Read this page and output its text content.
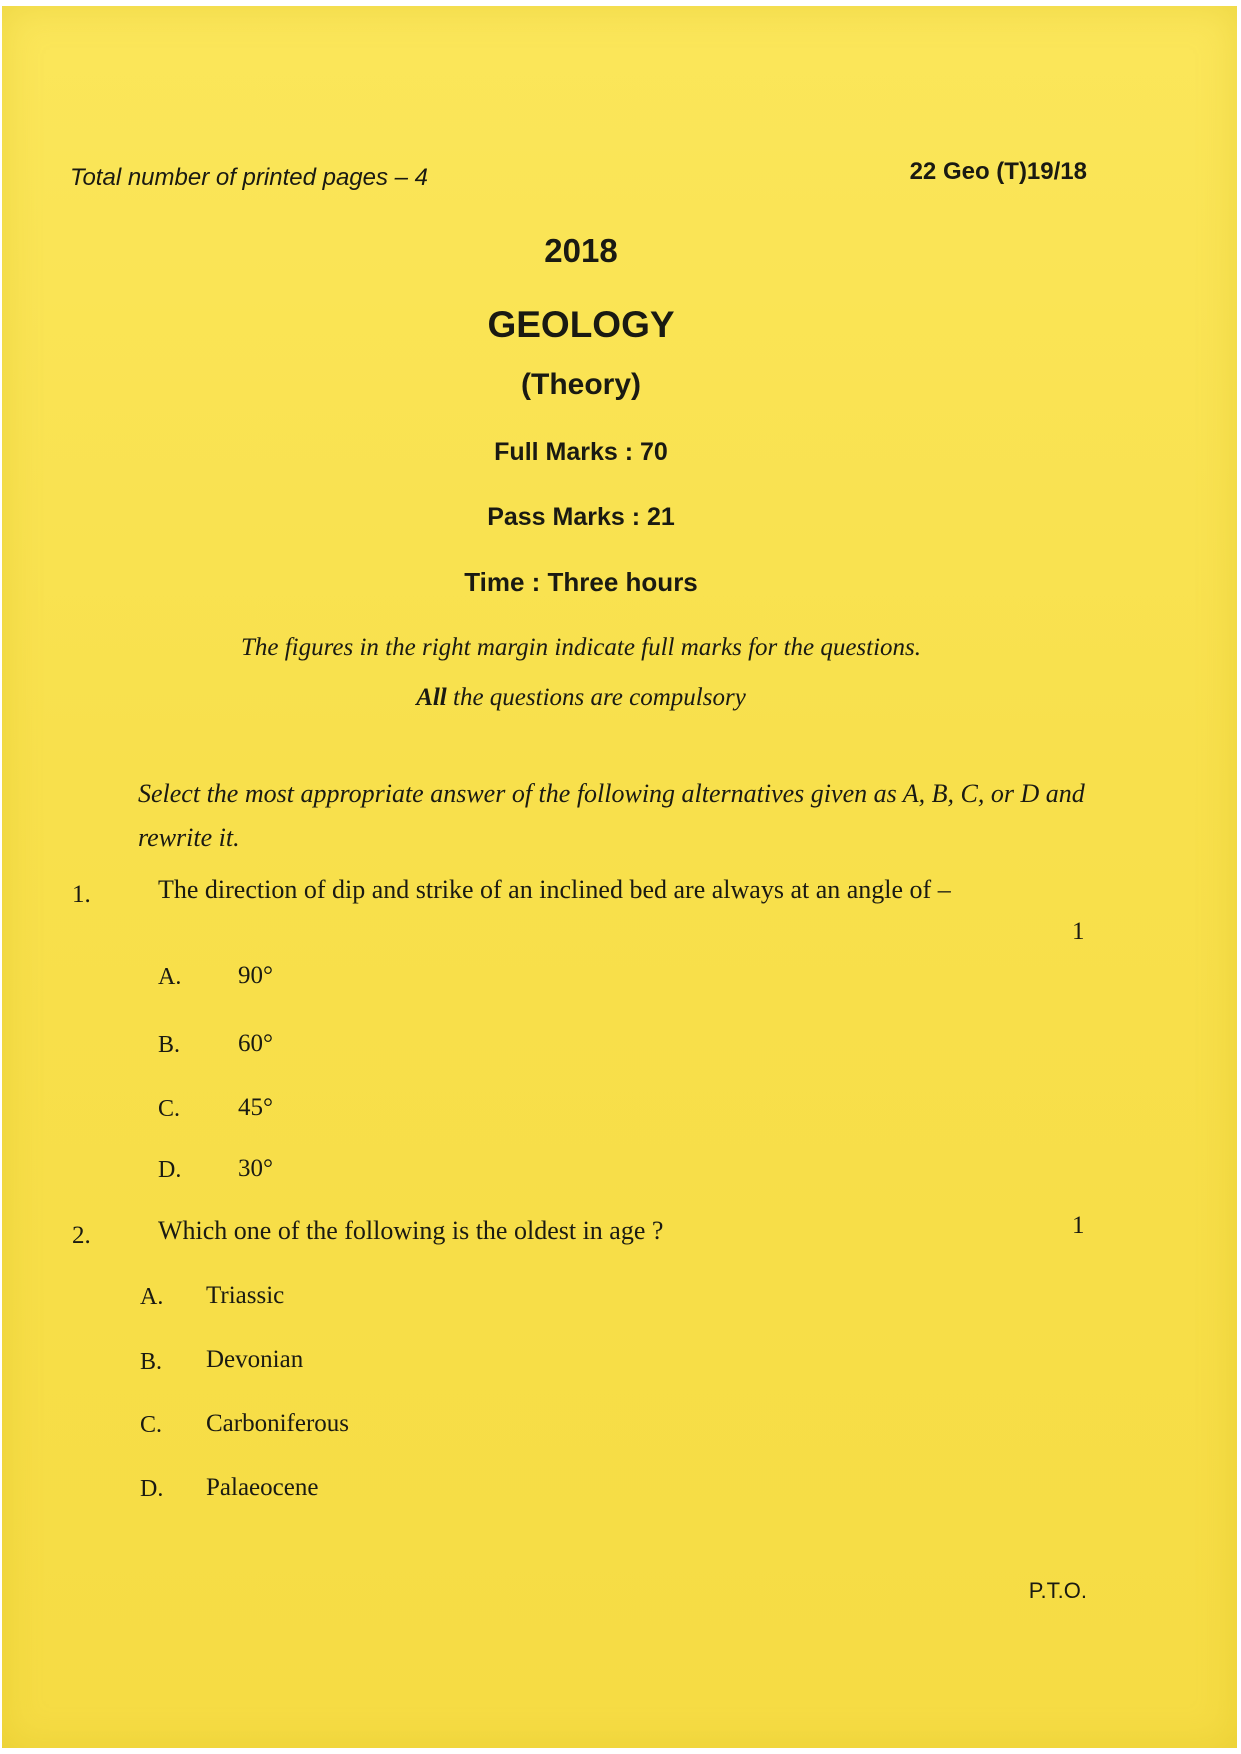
Total number of printed pages – 4	22 Geo (T)19/18
2018
GEOLOGY
(Theory)
Full Marks : 70
Pass Marks : 21
Time : Three hours
The figures in the right margin indicate full marks for the questions.
All the questions are compulsory
Select the most appropriate answer of the following alternatives given as A, B, C, or D and rewrite it.
1.	The direction of dip and strike of an inclined bed are always at an angle of –
1
A. 90°
B. 60°
C. 45°
D. 30°
2.	Which one of the following is the oldest in age ?	1
A. Triassic
B. Devonian
C. Carboniferous
D. Palaeocene
P.T.O.
